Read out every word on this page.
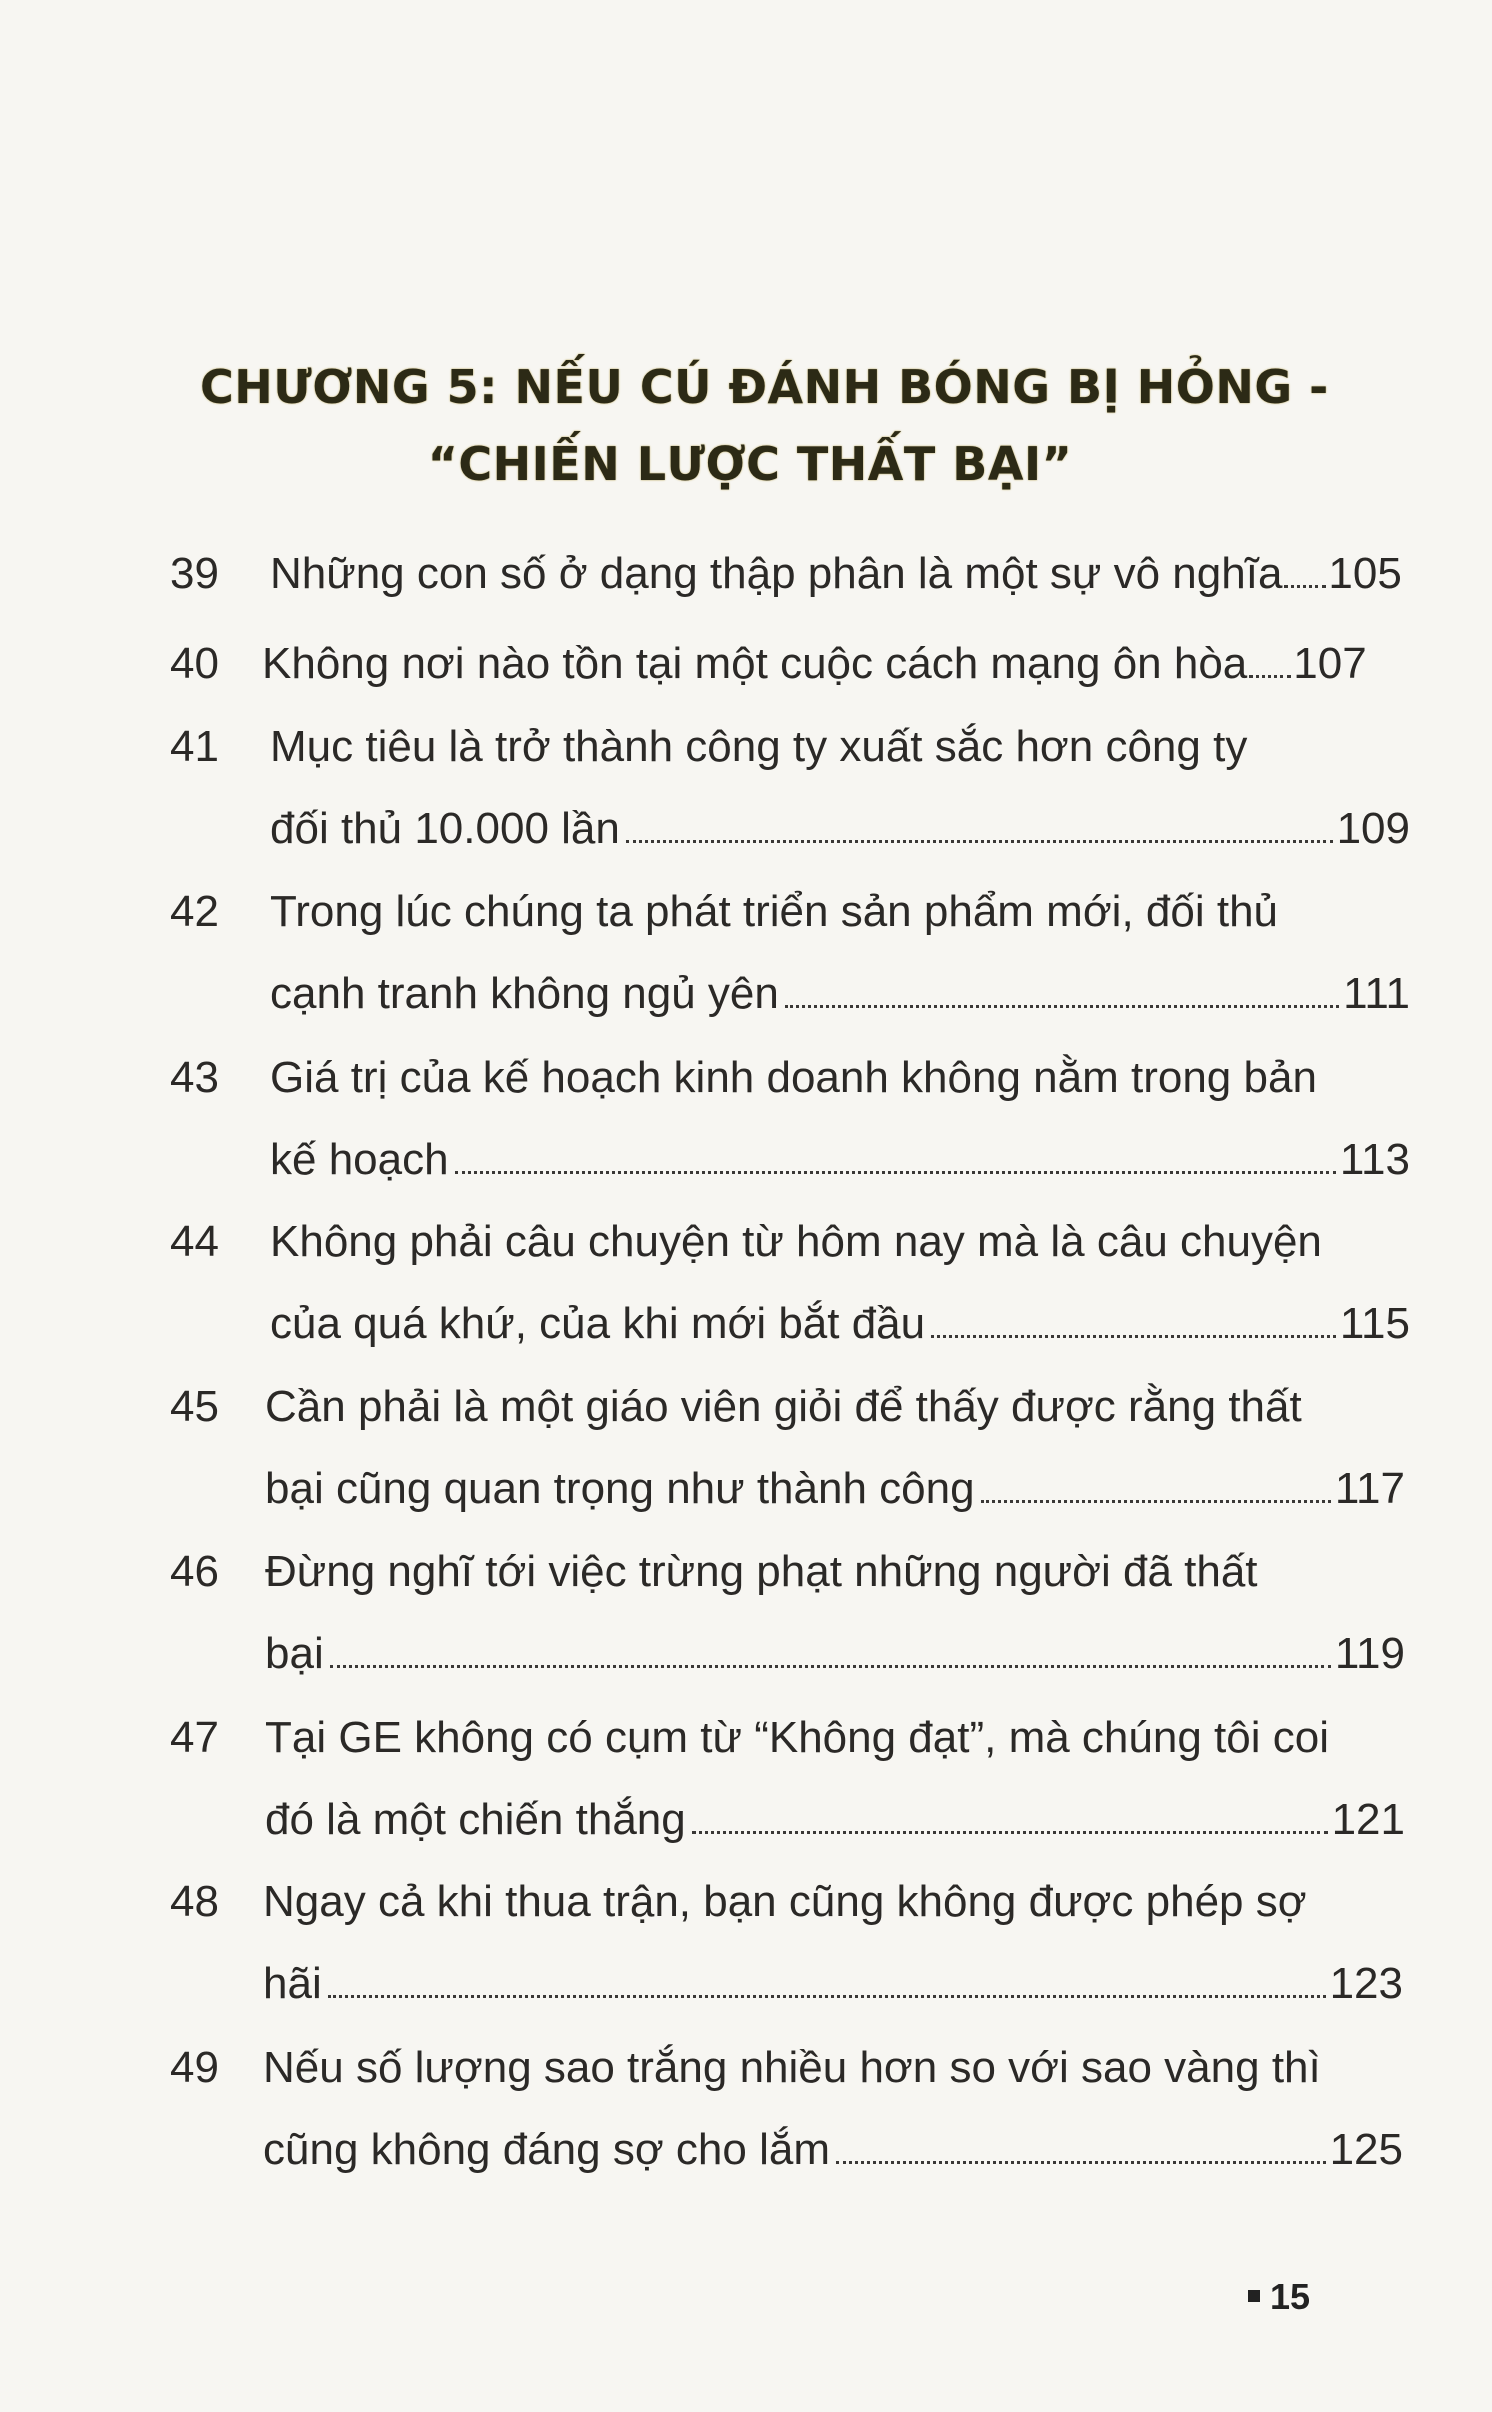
CHƯƠNG 5: NẾU CÚ ĐÁNH BÓNG BỊ HỎNG -
“CHIẾN LƯỢC THẤT BẠI”
39	Những con số ở dạng thập phân là một sự vô nghĩa 105
40 Không nơi nào tồn tại một cuộc cách mạng ôn hòa 107
41	Mục tiêu là trở thành công ty xuất sắc hơn công ty
đối thủ 10.000 lần	109
42	Trong lúc chúng ta phát triển sản phẩm mới, đối thủ
cạnh tranh không ngủ yên	111
43	Giá trị của kế hoạch kinh doanh không nằm trong bản
kế hoạch	113
44	Không phải câu chuyện từ hôm nay mà là câu chuyện
của quá khứ, của khi mới bắt đầu	115
45	Cần phải là một giáo viên giỏi để thấy được rằng thất
bại cũng quan trọng như thành công	117
46	Đừng nghĩ tới việc trừng phạt những người đã thất
bại	119
47	Tại GE không có cụm từ “Không đạt”, mà chúng tôi coi
đó là một chiến thắng	121
48	Ngay cả khi thua trận, bạn cũng không được phép sợ
hãi	123
49	Nếu số lượng sao trắng nhiều hơn so với sao vàng thì
cũng không đáng sợ cho lắm	125
15
